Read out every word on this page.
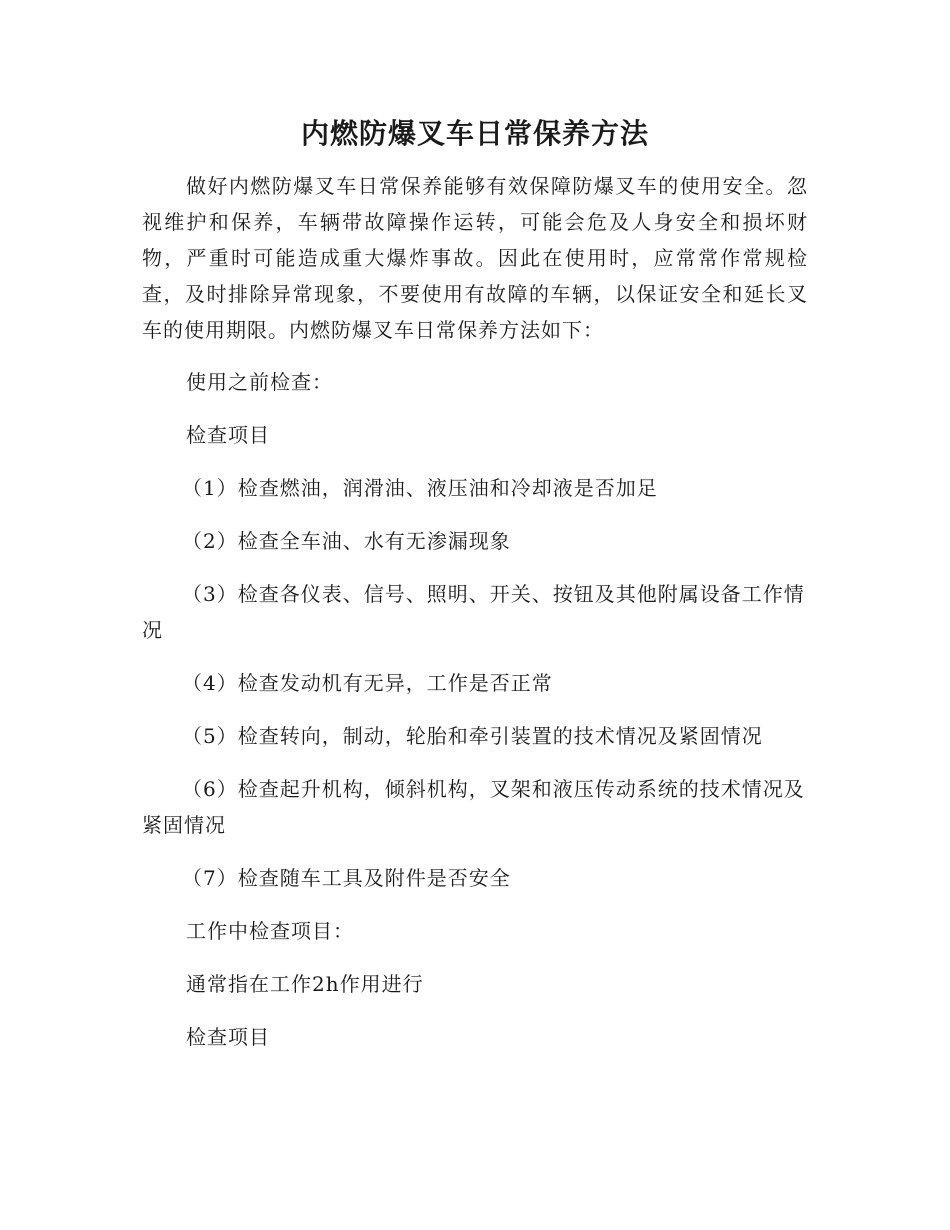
内燃防爆叉车日常保养方法

做好内燃防爆叉车日常保养能够有效保障防爆叉车的使用安全。忽视维护和保养，车辆带故障操作运转，可能会危及人身安全和损坏财物，严重时可能造成重大爆炸事故。因此在使用时，应常常作常规检查，及时排除异常现象，不要使用有故障的车辆，以保证安全和延长叉车的使用期限。内燃防爆叉车日常保养方法如下：

使用之前检查：

检查项目

（1）检查燃油，润滑油、液压油和冷却液是否加足

（2）检查全车油、水有无渗漏现象

（3）检查各仪表、信号、照明、开关、按钮及其他附属设备工作情况

（4）检查发动机有无异，工作是否正常

（5）检查转向，制动，轮胎和牵引装置的技术情况及紧固情况

（6）检查起升机构，倾斜机构，叉架和液压传动系统的技术情况及紧固情况

（7）检查随车工具及附件是否安全

工作中检查项目：

通常指在工作2h作用进行

检查项目
